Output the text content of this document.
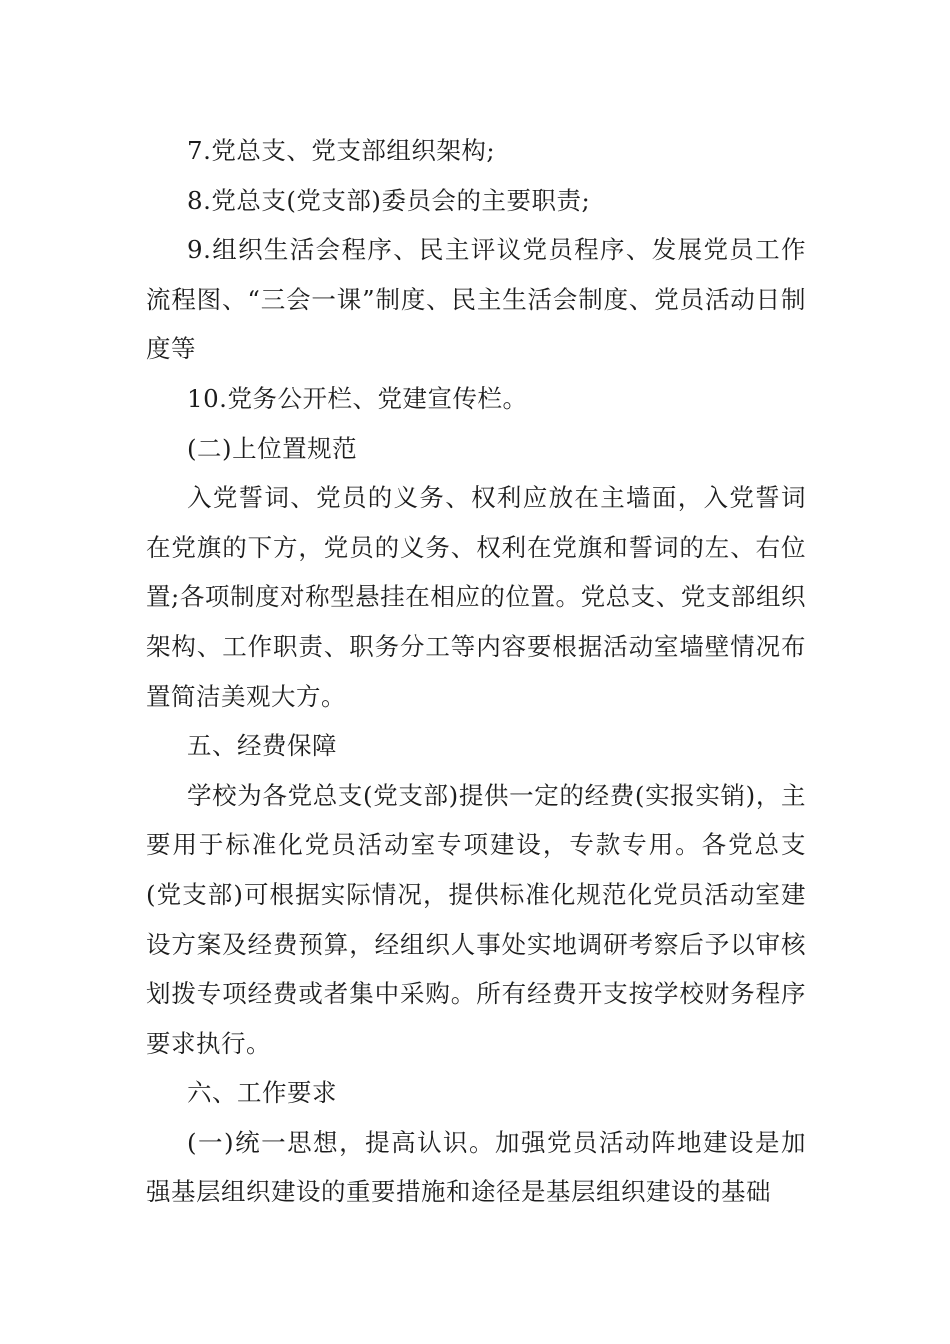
7.党总支、党支部组织架构;

8.党总支(党支部)委员会的主要职责;

9.组织生活会程序、民主评议党员程序、发展党员工作流程图、“三会一课”制度、民主生活会制度、党员活动日制度等

10.党务公开栏、党建宣传栏。

(二)上位置规范

入党誓词、党员的义务、权利应放在主墙面，入党誓词在党旗的下方，党员的义务、权利在党旗和誓词的左、右位置;各项制度对称型悬挂在相应的位置。党总支、党支部组织架构、工作职责、职务分工等内容要根据活动室墙壁情况布置简洁美观大方。

五、经费保障

学校为各党总支(党支部)提供一定的经费(实报实销)，主要用于标准化党员活动室专项建设，专款专用。各党总支(党支部)可根据实际情况，提供标准化规范化党员活动室建设方案及经费预算，经组织人事处实地调研考察后予以审核划拨专项经费或者集中采购。所有经费开支按学校财务程序要求执行。

六、工作要求

(一)统一思想，提高认识。加强党员活动阵地建设是加强基层组织建设的重要措施和途径是基层组织建设的基础
